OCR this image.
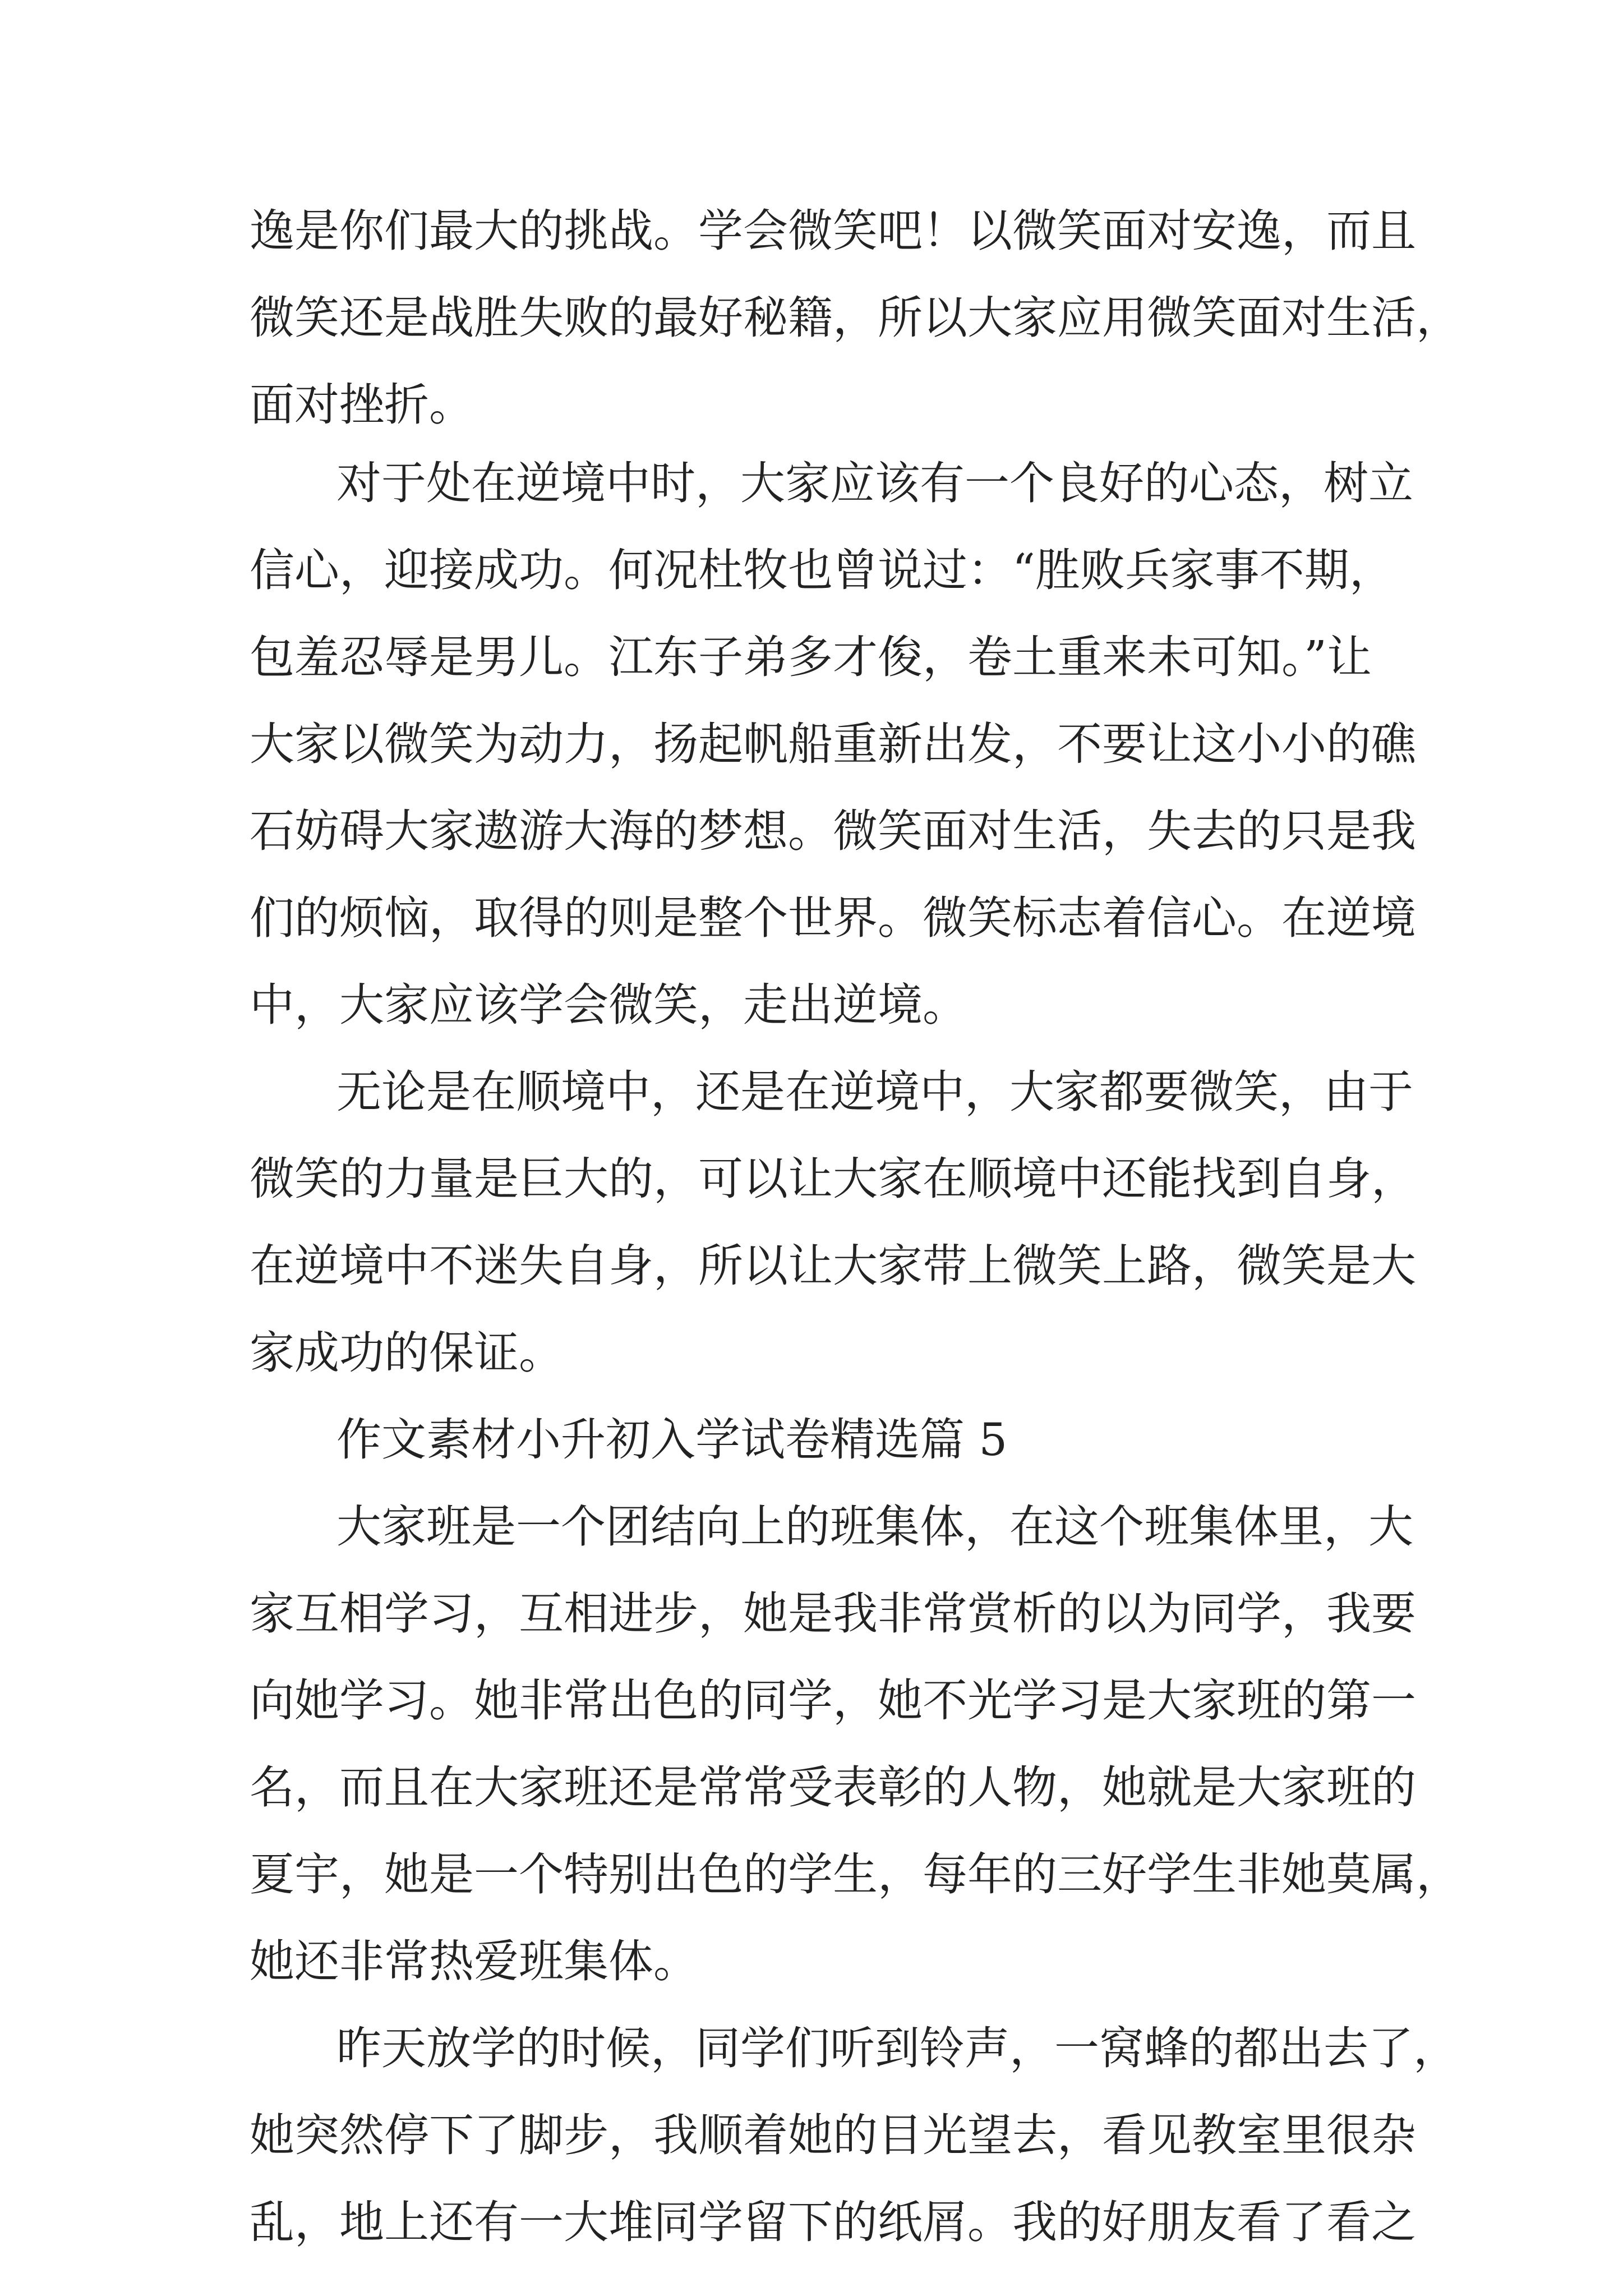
逸是你们最大的挑战。学会微笑吧！以微笑面对安逸，而且
微笑还是战胜失败的最好秘籍，所以大家应用微笑面对生活，
面对挫折。
对于处在逆境中时，大家应该有一个良好的心态，树立
信心，迎接成功。何况杜牧也曾说过：“胜败兵家事不期，
包羞忍辱是男儿。江东子弟多才俊，卷土重来未可知。”让
大家以微笑为动力，扬起帆船重新出发，不要让这小小的礁
石妨碍大家遨游大海的梦想。微笑面对生活，失去的只是我
们的烦恼，取得的则是整个世界。微笑标志着信心。在逆境
中，大家应该学会微笑，走出逆境。
无论是在顺境中，还是在逆境中，大家都要微笑，由于
微笑的力量是巨大的，可以让大家在顺境中还能找到自身，
在逆境中不迷失自身，所以让大家带上微笑上路，微笑是大
家成功的保证。
作文素材小升初入学试卷精选篇 5
大家班是一个团结向上的班集体，在这个班集体里，大
家互相学习，互相进步，她是我非常赏析的以为同学，我要
向她学习。她非常出色的同学，她不光学习是大家班的第一
名，而且在大家班还是常常受表彰的人物，她就是大家班的
夏宇，她是一个特别出色的学生，每年的三好学生非她莫属，
她还非常热爱班集体。
昨天放学的时候，同学们听到铃声，一窝蜂的都出去了，
她突然停下了脚步，我顺着她的目光望去，看见教室里很杂
乱，地上还有一大堆同学留下的纸屑。我的好朋友看了看之
